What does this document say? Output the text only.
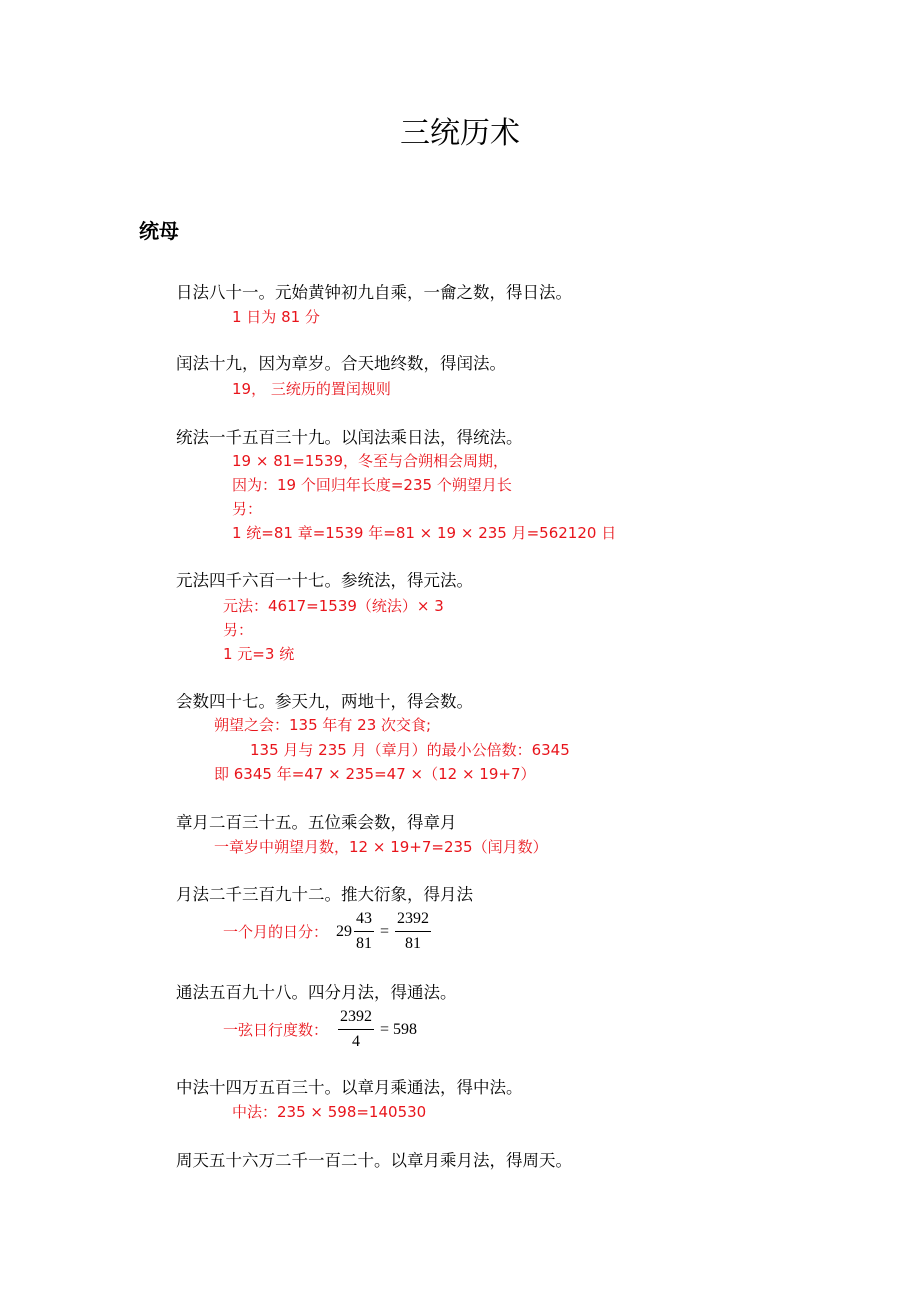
三统历术
统母
日法八十一。元始黄钟初九自乘，一龠之数，得日法。
1 日为 81 分
闰法十九，因为章岁。合天地终数，得闰法。
19， 三统历的置闰规则
统法一千五百三十九。以闰法乘日法，得统法。
19 × 81=1539，冬至与合朔相会周期，
因为：19 个回归年长度=235 个朔望月长
另：
1 统=81 章=1539 年=81 × 19 × 235 月=562120 日
元法四千六百一十七。参统法，得元法。
元法：4617=1539（统法）× 3
另：
1 元=3 统
会数四十七。参天九，两地十，得会数。
朔望之会：135 年有 23 次交食;
135 月与 235 月（章月）的最小公倍数：6345
即 6345 年=47 × 235=47 ×（12 × 19+7）
章月二百三十五。五位乘会数，得章月
一章岁中朔望月数，12 × 19+7=235（闰月数）
月法二千三百九十二。推大衍象，得月法
一个月的日分： $29 \frac{43}{81} = \frac{2392}{81}$
通法五百九十八。四分月法，得通法。
一弦日行度数： $\frac{2392}{4} = 598$
中法十四万五百三十。以章月乘通法，得中法。
中法：235 × 598=140530
周天五十六万二千一百二十。以章月乘月法，得周天。
